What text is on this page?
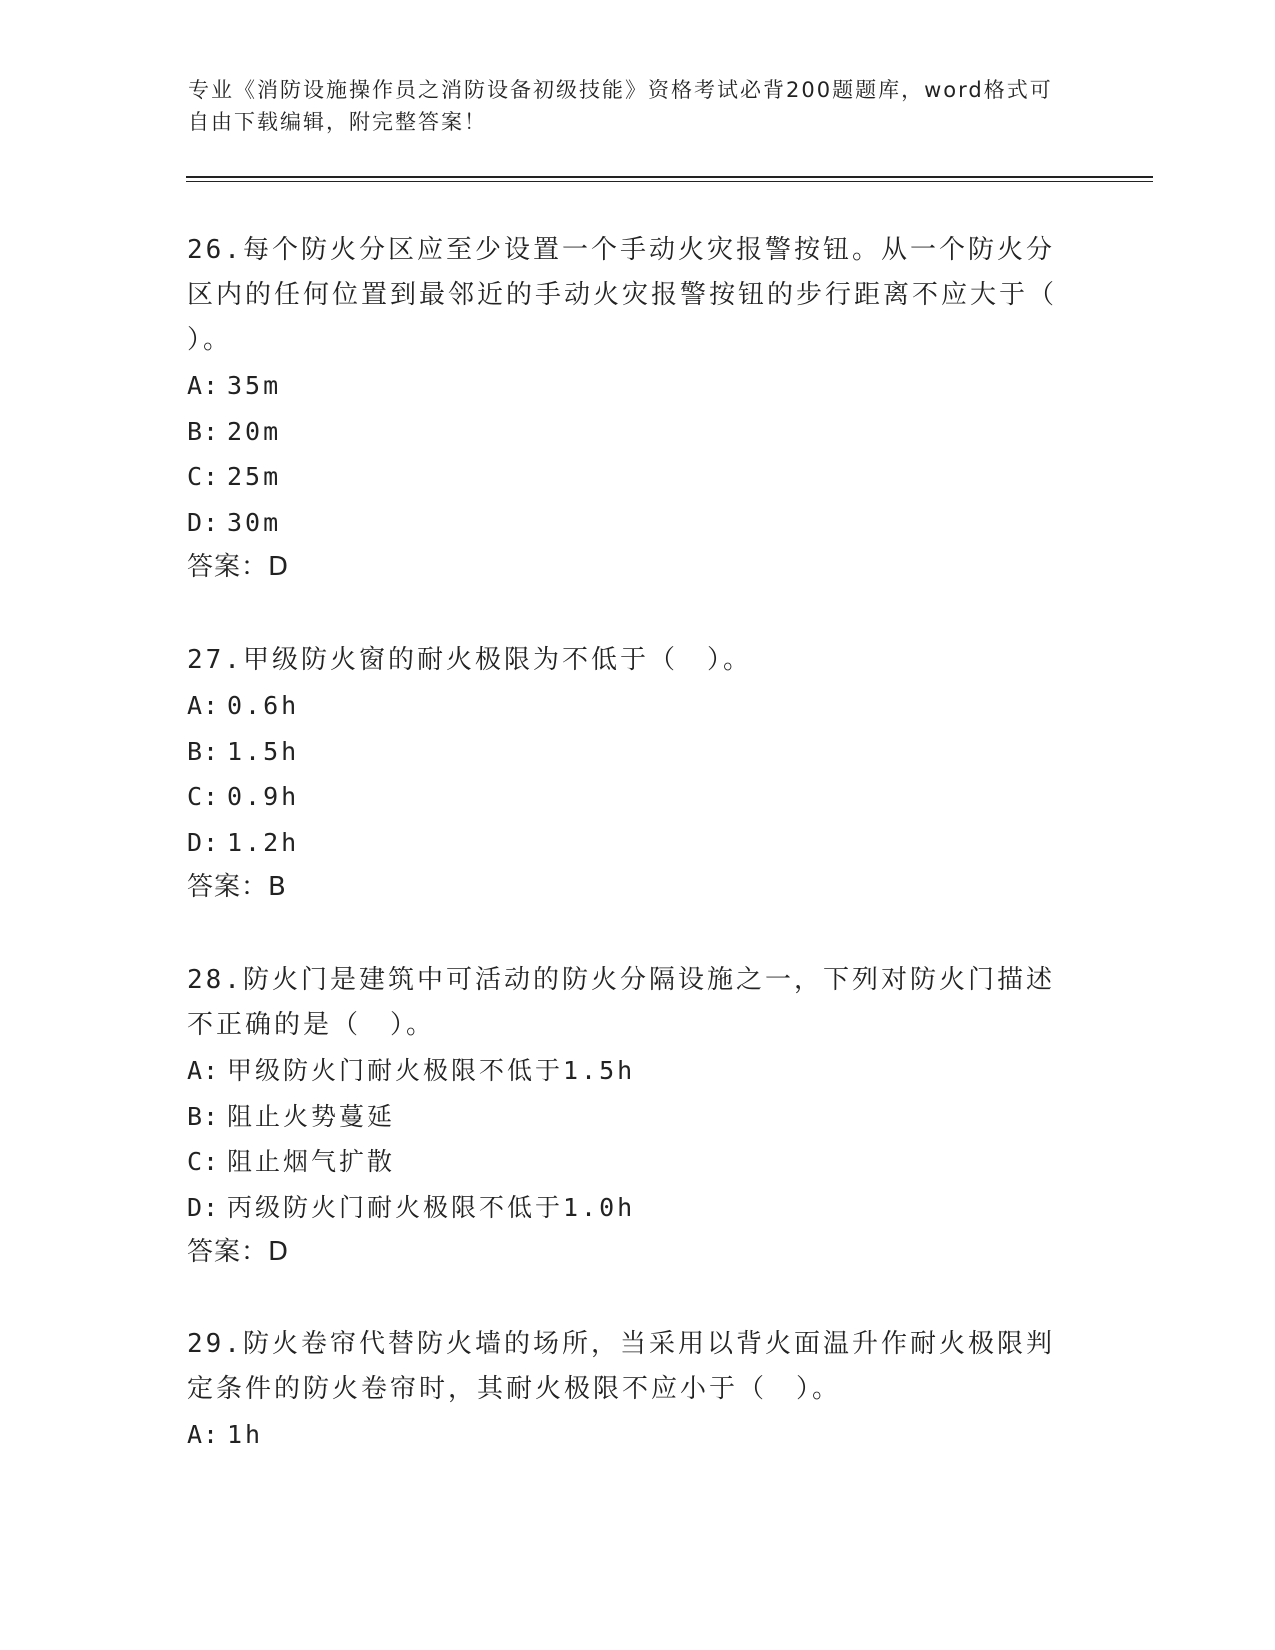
专业《消防设施操作员之消防设备初级技能》资格考试必背200题题库，word格式可自由下载编辑，附完整答案！

26.每个防火分区应至少设置一个手动火灾报警按钮。从一个防火分区内的任何位置到最邻近的手动火灾报警按钮的步行距离不应大于（ ）。

A: 35m

B: 20m

C: 25m

D: 30m

答案：D

27.甲级防火窗的耐火极限为不低于（　）。

A: 0.6h

B: 1.5h

C: 0.9h

D: 1.2h

答案：B

28.防火门是建筑中可活动的防火分隔设施之一，下列对防火门描述不正确的是（　）。

A: 甲级防火门耐火极限不低于1.5h

B: 阻止火势蔓延

C: 阻止烟气扩散

D: 丙级防火门耐火极限不低于1.0h

答案：D

29.防火卷帘代替防火墙的场所，当采用以背火面温升作耐火极限判定条件的防火卷帘时，其耐火极限不应小于（　）。

A: 1h
